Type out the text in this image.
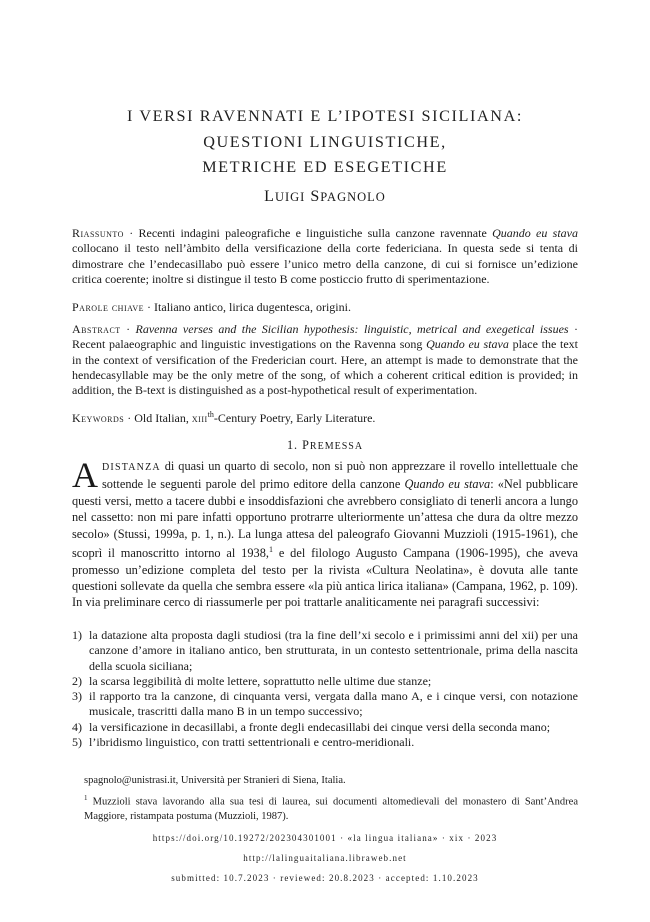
I VERSI RAVENNATI E L’IPOTESI SICILIANA:
QUESTIONI LINGUISTICHE,
METRICHE ED ESEGETICHE
LUIGI SPAGNOLO
Riassunto · Recenti indagini paleografiche e linguistiche sulla canzone ravennate Quando eu stava collocano il testo nell’àmbito della versificazione della corte federiciana. In questa sede si tenta di dimostrare che l’endecasillabo può essere l’unico metro della canzone, di cui si fornisce un’edizione critica coerente; inoltre si distingue il testo B come posticcio frutto di sperimentazione.
Parole chiave · Italiano antico, lirica dugentesca, origini.
Abstract · Ravenna verses and the Sicilian hypothesis: linguistic, metrical and exegetical issues · Recent palaeographic and linguistic investigations on the Ravenna song Quando eu stava place the text in the context of versification of the Frederician court. Here, an attempt is made to demonstrate that the hendecasyllable may be the only metre of the song, of which a coherent critical edition is provided; in addition, the B-text is distinguished as a post-hypothetical result of experimentation.
Keywords · Old Italian, xiii$^{th}$-Century Poetry, Early Literature.
1. PREMESSA
ADISTANZA di quasi un quarto di secolo, non si può non apprezzare il rovello intellettuale che sottende le seguenti parole del primo editore della canzone Quando eu stava: «Nel pubblicare questi versi, metto a tacere dubbi e insoddisfazioni che avrebbero consigliato di tenerli ancora a lungo nel cassetto: non mi pare infatti opportuno protrarre ulteriormente un’attesa che dura da oltre mezzo secolo» (Stussi, 1999a, p. 1, n.). La lunga attesa del paleografo Giovanni Muzzioli (1915-1961), che scoprì il manoscritto intorno al 1938,$^1$ e del filologo Augusto Campana (1906-1995), che aveva promesso un’edizione completa del testo per la rivista «Cultura Neolatina», è dovuta alle tante questioni sollevate da quella che sembra essere «la più antica lirica italiana» (Campana, 1962, p. 109). In via preliminare cerco di riassumerle per poi trattarle analiticamente nei paragrafi successivi:
1) la datazione alta proposta dagli studiosi (tra la fine dell’xi secolo e i primissimi anni del xii) per una canzone d’amore in italiano antico, ben strutturata, in un contesto settentrionale, prima della nascita della scuola siciliana;
2) la scarsa leggibilità di molte lettere, soprattutto nelle ultime due stanze;
3) il rapporto tra la canzone, di cinquanta versi, vergata dalla mano A, e i cinque versi, con notazione musicale, trascritti dalla mano B in un tempo successivo;
4) la versificazione in decasillabi, a fronte degli endecasillabi dei cinque versi della seconda mano;
5) l’ibridismo linguistico, con tratti settentrionali e centro-meridionali.
spagnolo@unistrasi.it, Università per Stranieri di Siena, Italia.
$^1$ Muzzioli stava lavorando alla sua tesi di laurea, sui documenti altomedievali del monastero di Sant’Andrea Maggiore, ristampata postuma (Muzzioli, 1987).
https://doi.org/10.19272/202304301001 · «la lingua italiana» · xix · 2023
http://lalinguaitaliana.libraweb.net
submitted: 10.7.2023 · reviewed: 20.8.2023 · accepted: 1.10.2023
